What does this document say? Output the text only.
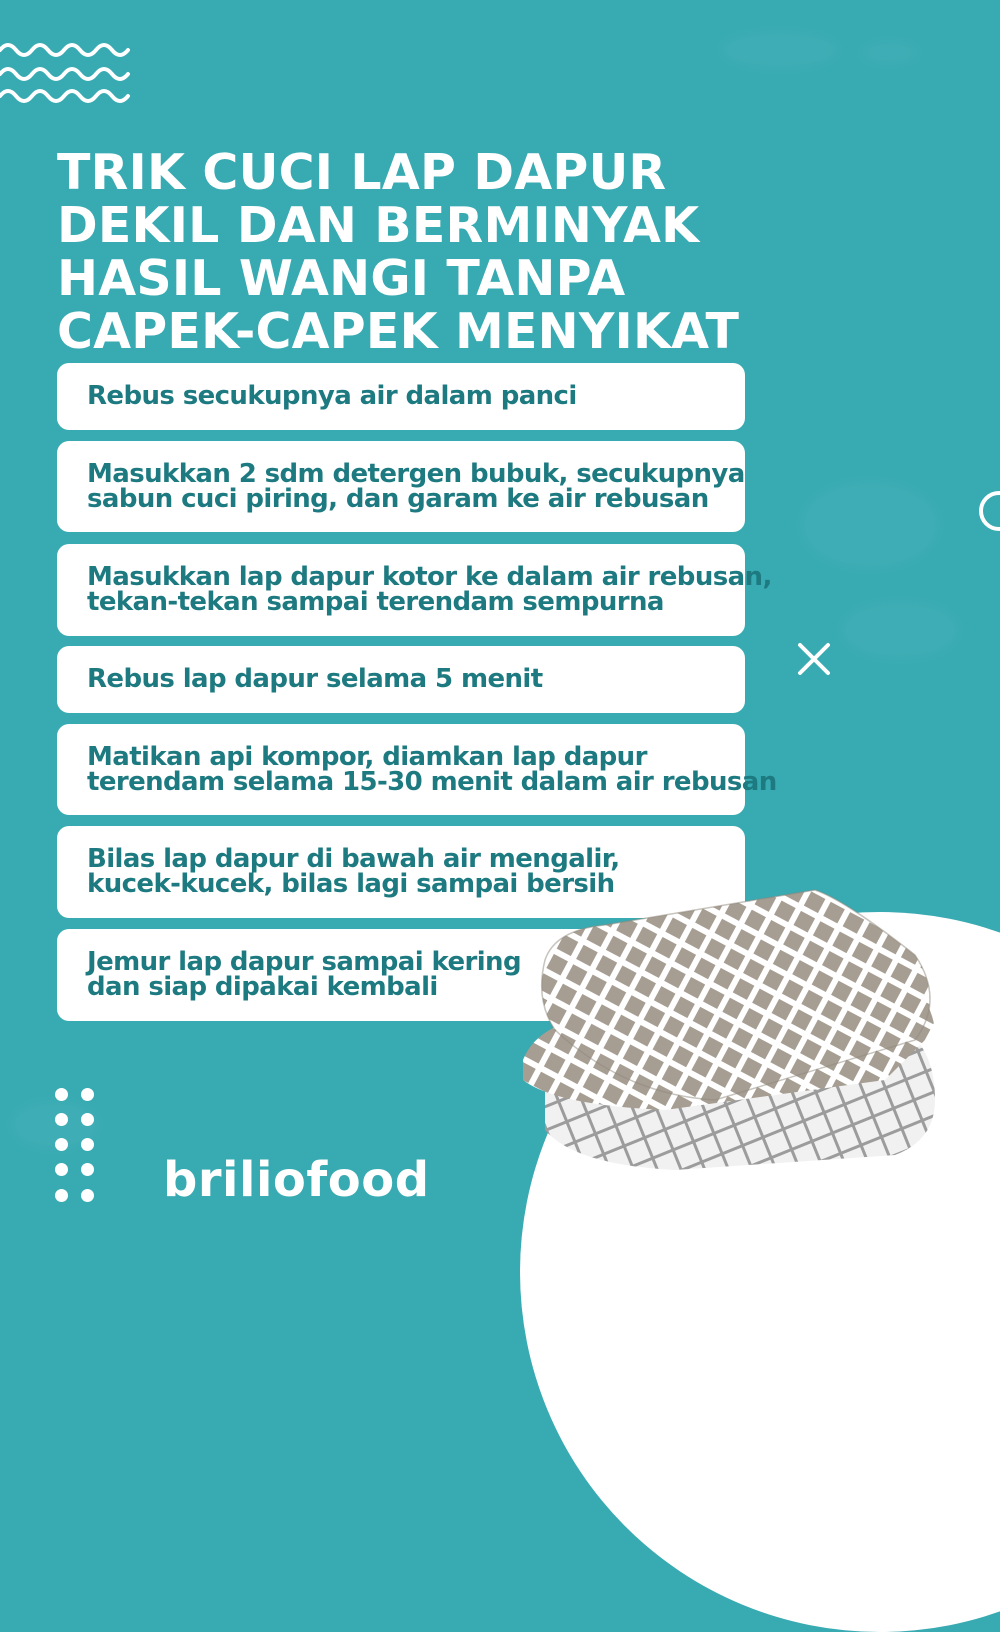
TRIK CUCI LAP DAPUR
DEKIL DAN BERMINYAK
HASIL WANGI TANPA
CAPEK-CAPEK MENYIKAT
Rebus secukupnya air dalam panci
Masukkan 2 sdm detergen bubuk, secukupnya
sabun cuci piring, dan garam ke air rebusan
Masukkan lap dapur kotor ke dalam air rebusan,
tekan-tekan sampai terendam sempurna
Rebus lap dapur selama 5 menit
Matikan api kompor, diamkan lap dapur
terendam selama 15-30 menit dalam air rebusan
Bilas lap dapur di bawah air mengalir,
kucek-kucek, bilas lagi sampai bersih
Jemur lap dapur sampai kering
dan siap dipakai kembali
briliofood
